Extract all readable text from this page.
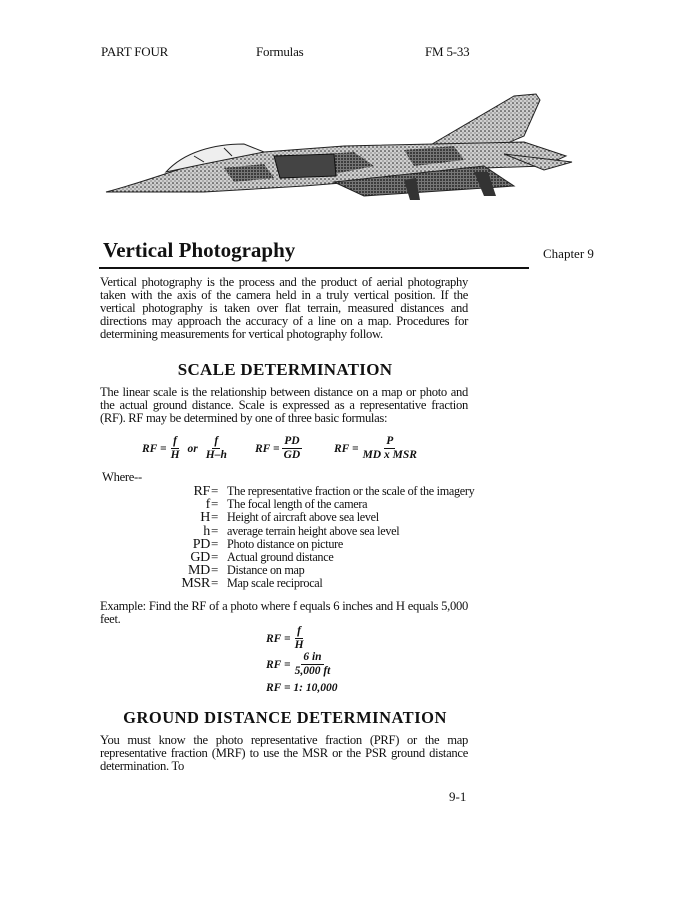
PART FOUR	Formulas	FM 5-33
Vertical Photography	Chapter 9
Vertical photography is the process and the product of aerial photography taken with the axis of the camera held in a truly vertical position. If the vertical photography is taken over flat terrain, measured distances and directions may approach the accuracy of a line on a map. Procedures for determining measurements for vertical photography follow.
SCALE DETERMINATION
The linear scale is the relationship between distance on a map or photo and the actual ground distance. Scale is expressed as a representative fraction (RF). RF may be determined by one of three basic formulas:
RF = $\frac{f}{H}$ or $\frac{f}{H-h}$ RF = $\frac{PD}{GD}$	RF = $\frac{P}{\text{MD x MSR}}$
Where--
RF = The representative fraction or the scale of the imagery
f = The focal length of the camera
H = Height of aircraft above sea level
h = average terrain height above sea level
PD = Photo distance on picture
GD = Actual ground distance
MD = Distance on map
MSR = Map scale reciprocal
Example: Find the RF of a photo where f equals 6 inches and H equals 5,000 feet.
RF = $\frac{f}{H}$
RF = $\frac{6 in}{5,000 ft}$
RF = 1: 10,000
GROUND DISTANCE DETERMINATION
You must know the photo representative fraction (PRF) or the map representative fraction (MRF) to use the MSR or the PSR ground distance determination. To
9-1
